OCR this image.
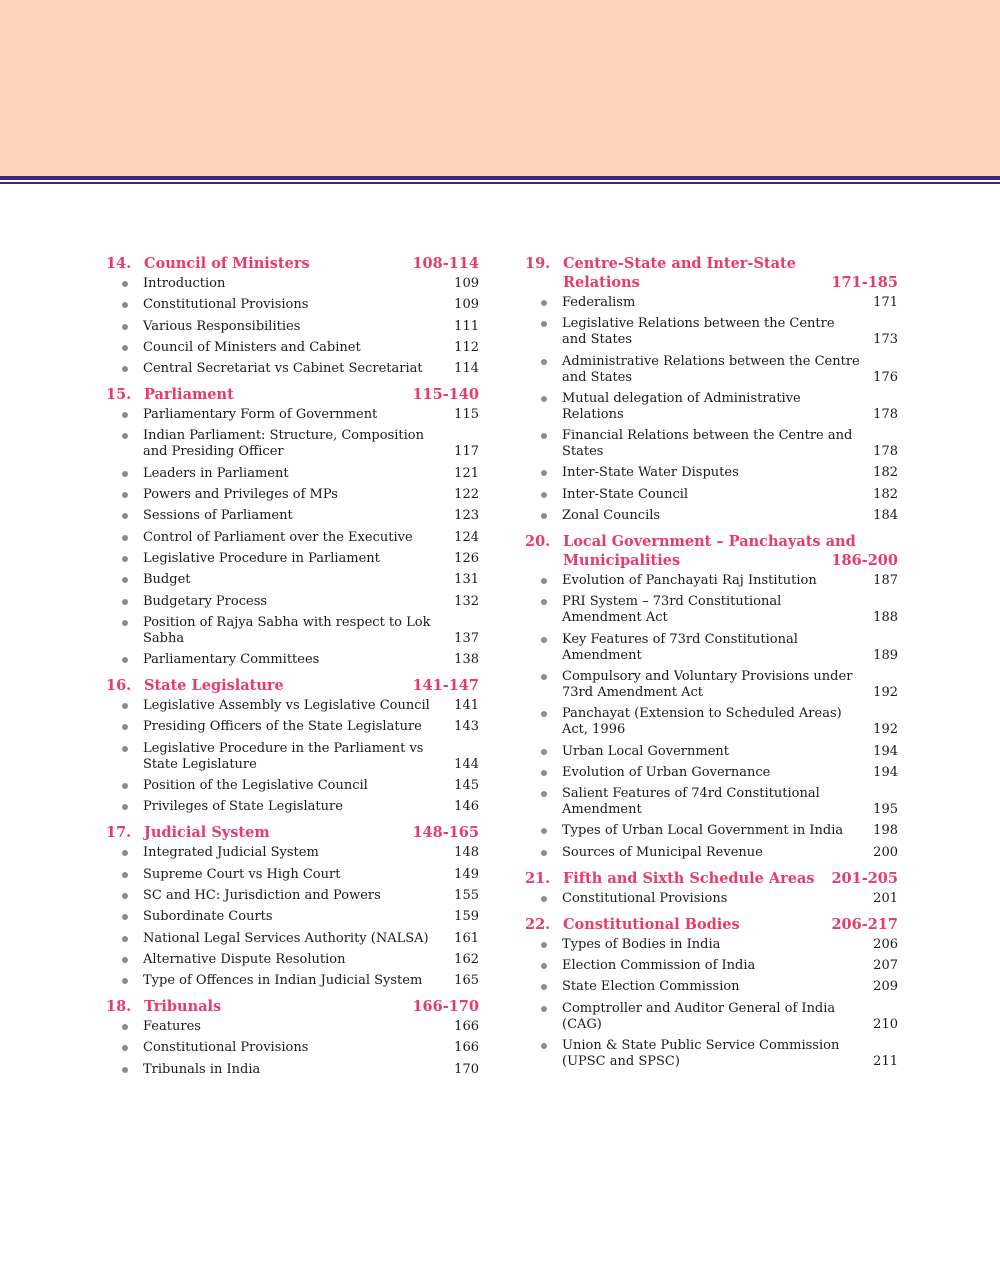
14. Council of Ministers	108-114
Introduction	109
Constitutional Provisions	109
Various Responsibilities	111
Council of Ministers and Cabinet	112
Central Secretariat vs Cabinet Secretariat	114
15. Parliament	115-140
Parliamentary Form of Government	115
Indian Parliament: Structure, Composition and Presiding Officer	117
Leaders in Parliament	121
Powers and Privileges of MPs	122
Sessions of Parliament	123
Control of Parliament over the Executive	124
Legislative Procedure in Parliament	126
Budget	131
Budgetary Process	132
Position of Rajya Sabha with respect to Lok Sabha	137
Parliamentary Committees	138
16. State Legislature	141-147
Legislative Assembly vs Legislative Council	141
Presiding Officers of the State Legislature	143
Legislative Procedure in the Parliament vs State Legislature	144
Position of the Legislative Council	145
Privileges of State Legislature	146
17. Judicial System	148-165
Integrated Judicial System	148
Supreme Court vs High Court	149
SC and HC: Jurisdiction and Powers	155
Subordinate Courts	159
National Legal Services Authority (NALSA)	161
Alternative Dispute Resolution	162
Type of Offences in Indian Judicial System	165
18. Tribunals	166-170
Features	166
Constitutional Provisions	166
Tribunals in India	170
19. Centre-State and Inter-State
Relations	171-185
Federalism	171
Legislative Relations between the Centre and States	173
Administrative Relations between the Centre and States	176
Mutual delegation of Administrative Relations	178
Financial Relations between the Centre and States	178
Inter-State Water Disputes	182
Inter-State Council	182
Zonal Councils	184
20. Local Government – Panchayats and
Municipalities	186-200
Evolution of Panchayati Raj Institution	187
PRI System – 73rd Constitutional Amendment Act	188
Key Features of 73rd Constitutional Amendment	189
Compulsory and Voluntary Provisions under 73rd Amendment Act	192
Panchayat (Extension to Scheduled Areas) Act, 1996	192
Urban Local Government	194
Evolution of Urban Governance	194
Salient Features of 74rd Constitutional Amendment	195
Types of Urban Local Government in India	198
Sources of Municipal Revenue	200
21. Fifth and Sixth Schedule Areas	201-205
Constitutional Provisions	201
22. Constitutional Bodies	206-217
Types of Bodies in India	206
Election Commission of India	207
State Election Commission	209
Comptroller and Auditor General of India (CAG)	210
Union & State Public Service Commission (UPSC and SPSC)	211
